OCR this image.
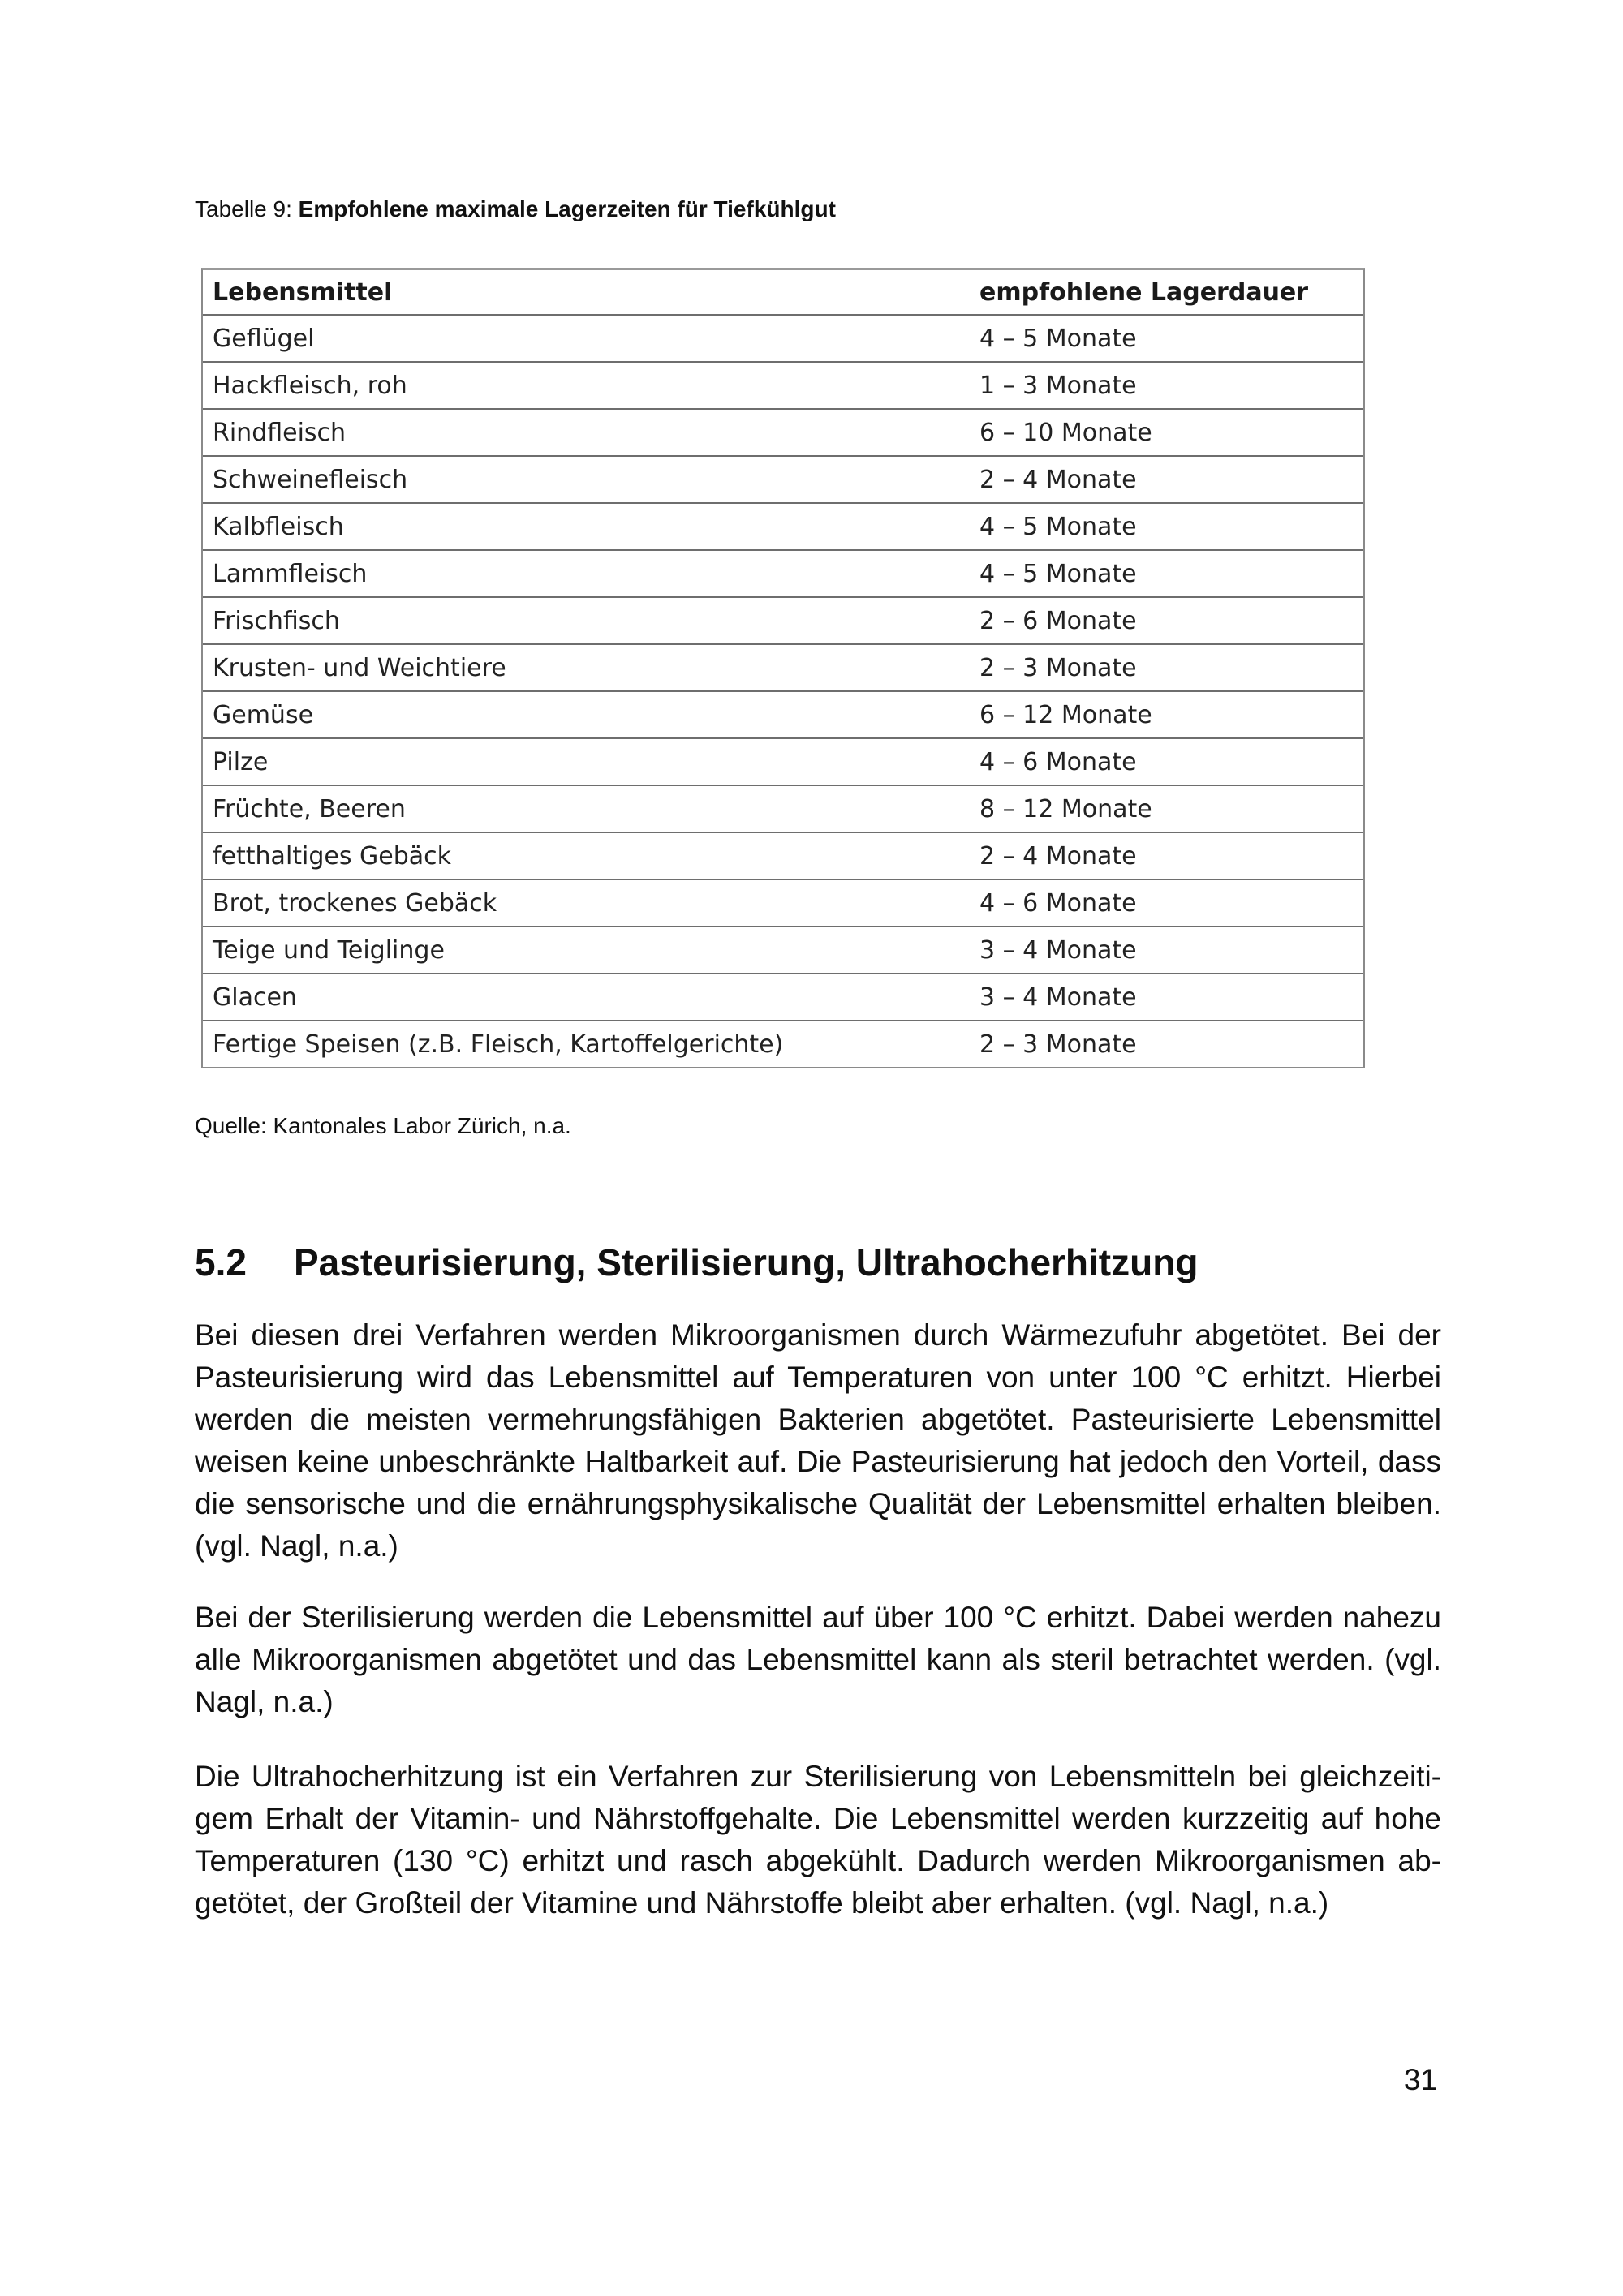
Tabelle 9: Empfohlene maximale Lagerzeiten für Tiefkühlgut
Lebensmittel	empfohlene Lagerdauer
Geflügel	4 – 5 Monate
Hackfleisch, roh	1 – 3 Monate
Rindfleisch	6 – 10 Monate
Schweinefleisch	2 – 4 Monate
Kalbfleisch	4 – 5 Monate
Lammfleisch	4 – 5 Monate
Frischfisch	2 – 6 Monate
Krusten- und Weichtiere	2 – 3 Monate
Gemüse	6 – 12 Monate
Pilze	4 – 6 Monate
Früchte, Beeren	8 – 12 Monate
fetthaltiges Gebäck	2 – 4 Monate
Brot, trockenes Gebäck	4 – 6 Monate
Teige und Teiglinge	3 – 4 Monate
Glacen	3 – 4 Monate
Fertige Speisen (z.B. Fleisch, Kartoffelgerichte)	2 – 3 Monate
Quelle: Kantonales Labor Zürich, n.a.
5.2 Pasteurisierung, Sterilisierung, Ultrahocherhitzung

Bei diesen drei Verfahren werden Mikroorganismen durch Wärmezufuhr abgetötet. Bei der Pasteurisierung wird das Lebensmittel auf Temperaturen von unter 100 °C erhitzt. Hierbei werden die meisten vermehrungsfähigen Bakterien abgetötet. Pasteurisierte Lebensmittel weisen keine unbeschränkte Haltbarkeit auf. Die Pasteurisierung hat jedoch den Vorteil, dass die sensorische und die ernährungsphysikalische Qualität der Lebensmittel erhalten bleiben. (vgl. Nagl, n.a.)

Bei der Sterilisierung werden die Lebensmittel auf über 100 °C erhitzt. Dabei werden nahezu alle Mikroorganismen abgetötet und das Lebensmittel kann als steril betrachtet werden. (vgl. Nagl, n.a.)

Die Ultrahocherhitzung ist ein Verfahren zur Sterilisierung von Lebensmitteln bei gleichzeiti-gem Erhalt der Vitamin- und Nährstoffgehalte. Die Lebensmittel werden kurzzeitig auf hohe Temperaturen (130 °C) erhitzt und rasch abgekühlt. Dadurch werden Mikroorganismen ab-getötet, der Großteil der Vitamine und Nährstoffe bleibt aber erhalten. (vgl. Nagl, n.a.)

31
